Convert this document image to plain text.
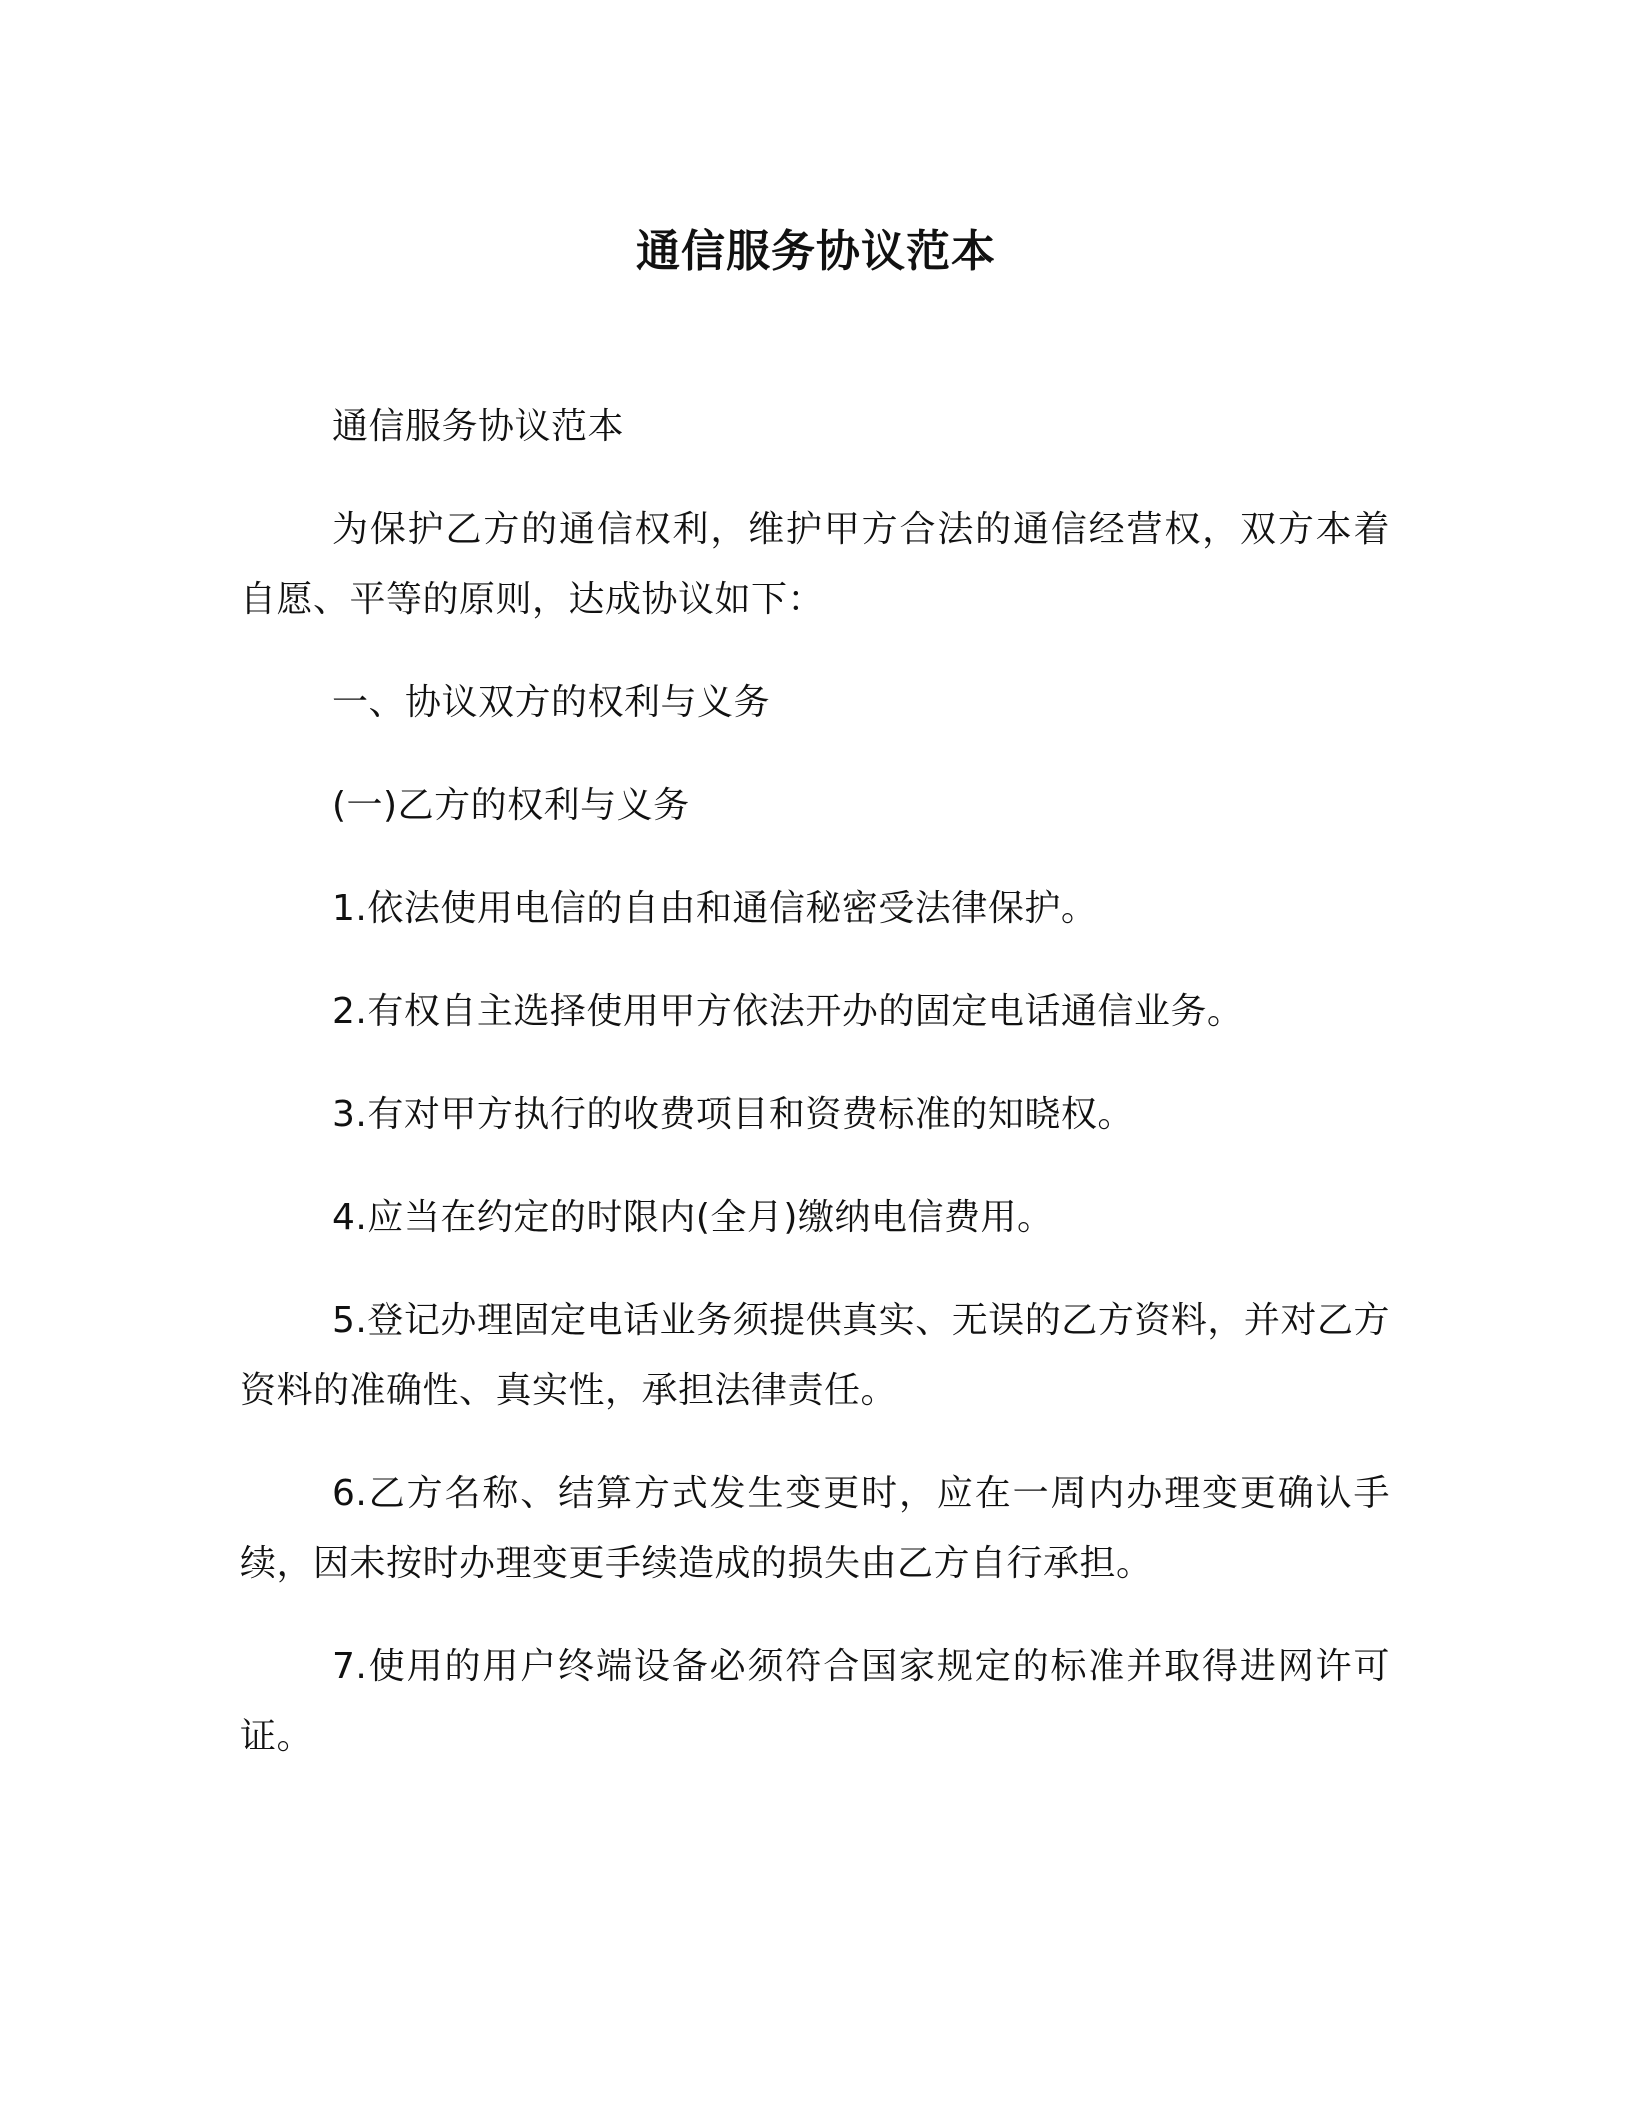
通信服务协议范本

通信服务协议范本

为保护乙方的通信权利，维护甲方合法的通信经营权，双方本着自愿、平等的原则，达成协议如下：

一、协议双方的权利与义务

(一)乙方的权利与义务

1.依法使用电信的自由和通信秘密受法律保护。

2.有权自主选择使用甲方依法开办的固定电话通信业务。

3.有对甲方执行的收费项目和资费标准的知晓权。

4.应当在约定的时限内(全月)缴纳电信费用。

5.登记办理固定电话业务须提供真实、无误的乙方资料，并对乙方资料的准确性、真实性，承担法律责任。

6.乙方名称、结算方式发生变更时，应在一周内办理变更确认手续，因未按时办理变更手续造成的损失由乙方自行承担。

7.使用的用户终端设备必须符合国家规定的标准并取得进网许可证。
